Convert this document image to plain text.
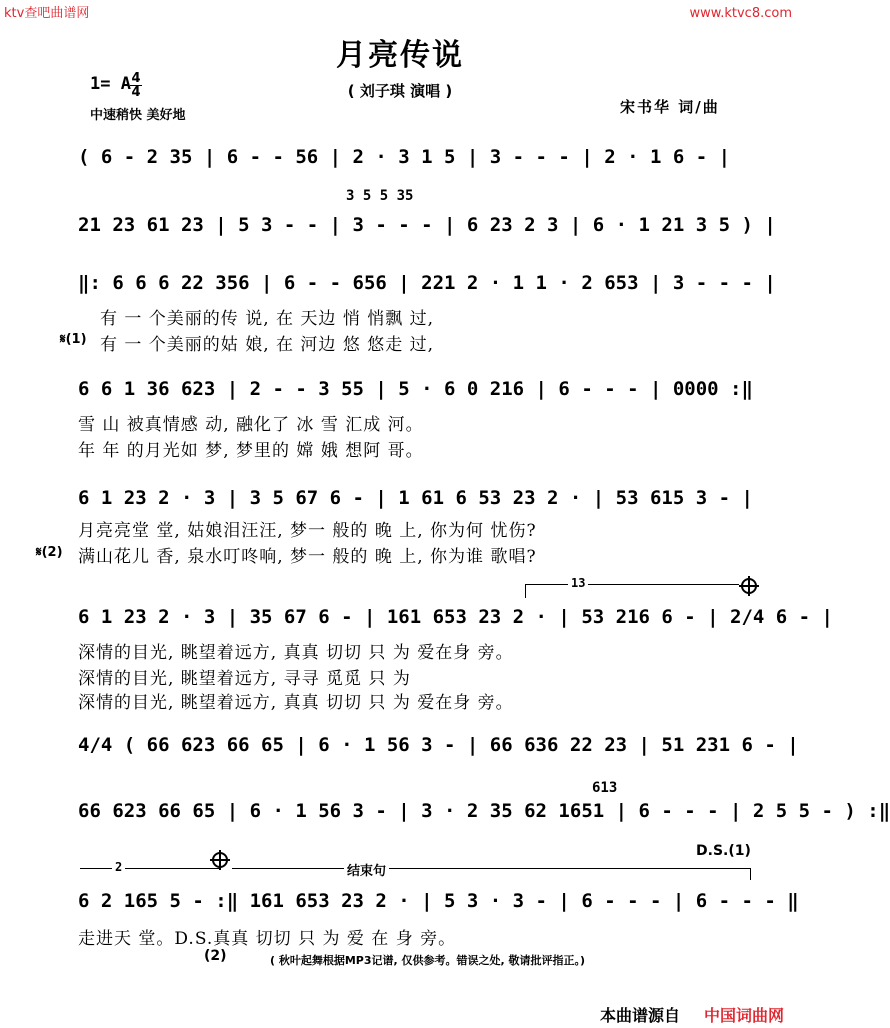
ktv查吧曲谱网	www.ktvc8.com
月亮传说
( 刘子琪 演唱 )
1= A 4
4
中速稍快 美好地	宋书华 词/曲
( 6 - 2 35 | 6 - - 56 | 2 · 3 1 5 | 3 - - - | 2 · 1 6 - |
3 5 5 35
21 23 61 23 | 5 3 - - | 3 - - - | 6 23 2 3 | 6 · 1 21 3 5 ) |
‖: 6 6 6 22 356 | 6 - - 656 | 221 2 · 1 1 · 2 653 | 3 - - - |
有 一 个美丽的传 说, 在 天边 悄 悄飘 过,
𝄋(1) 有 一 个美丽的姑 娘, 在 河边 悠 悠走 过,
6 6 1 36 623 | 2 - - 3 55 | 5 · 6 0 216 | 6 - - - | 0000 :‖
雪 山 被真情感 动, 融化了 冰 雪 汇成 河。
年 年 的月光如 梦, 梦里的 嫦 娥 想阿 哥。
6 1 23 2 · 3 | 3 5 67 6 - | 1 61 6 53 23 2 · | 53 615 3 - |
月亮亮堂 堂, 姑娘泪汪汪, 梦一 般的 晚 上, 你为何 忧伤?
𝄋(2) 满山花儿 香, 泉水叮咚响, 梦一 般的 晚 上, 你为谁 歌唱?
13
6 1 23 2 · 3 | 35 67 6 - | 161 653 23 2 · | 53 216 6 - | 2/4 6 - |
深情的目光, 眺望着远方, 真真 切切 只 为 爱在身 旁。
深情的目光, 眺望着远方, 寻寻 觅觅 只 为
深情的目光, 眺望着远方, 真真 切切 只 为 爱在身 旁。
4/4 ( 66 623 66 65 | 6 · 1 56 3 - | 66 636 22 23 | 51 231 6 - |
613
66 623 66 65 | 6 · 1 56 3 - | 3 · 2 35 62 1651 | 6 - - - | 2 5 5 - ) :‖
D.S.(1)
2	结束句
6 2 165 5 - :‖ 161 653 23 2 · | 5 3 · 3 - | 6 - - - | 6 - - - ‖
走进天 堂。D.S.真真 切切 只 为 爱 在 身 旁。
(2)	( 秋叶起舞根据MP3记谱, 仅供参考。错误之处, 敬请批评指正。)
本曲谱源自 中国词曲网
